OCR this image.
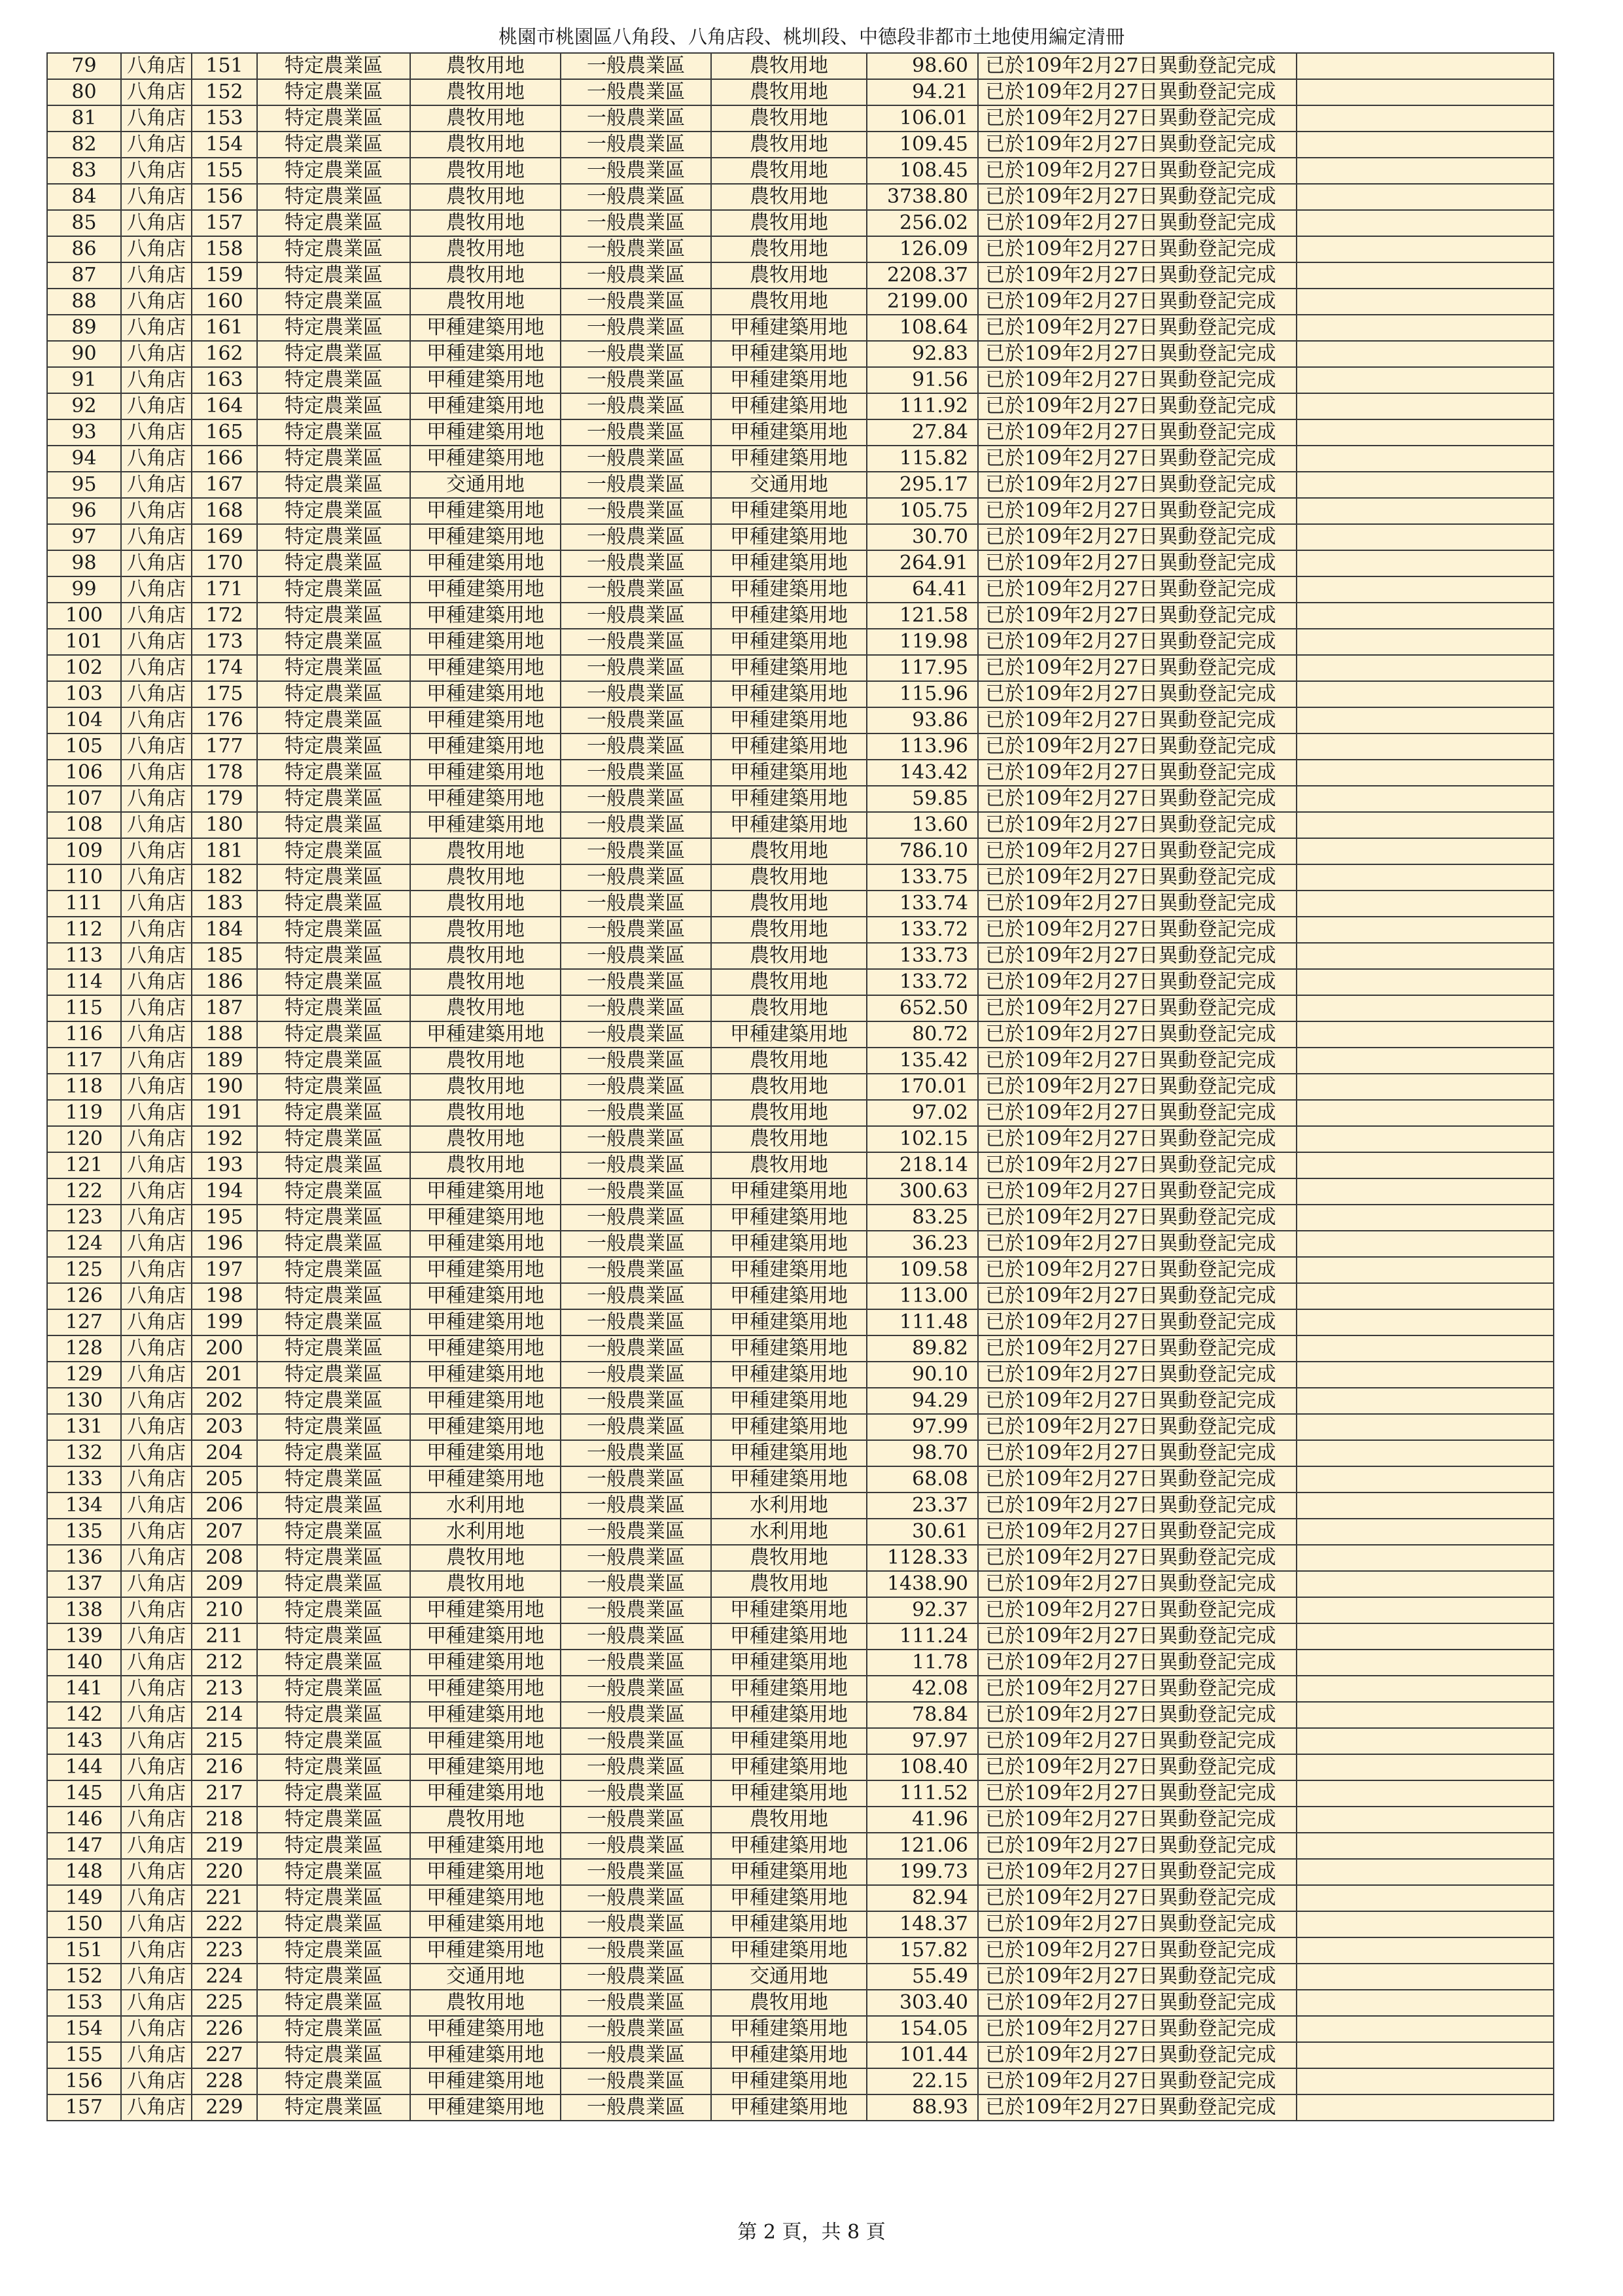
桃園市桃園區八角段、八角店段、桃圳段、中德段非都市土地使用編定清冊
79	八角店	151	特定農業區	農牧用地	一般農業區	農牧用地	98.60	已於109年2月27日異動登記完成	
80	八角店	152	特定農業區	農牧用地	一般農業區	農牧用地	94.21	已於109年2月27日異動登記完成	
81	八角店	153	特定農業區	農牧用地	一般農業區	農牧用地	106.01	已於109年2月27日異動登記完成	
82	八角店	154	特定農業區	農牧用地	一般農業區	農牧用地	109.45	已於109年2月27日異動登記完成	
83	八角店	155	特定農業區	農牧用地	一般農業區	農牧用地	108.45	已於109年2月27日異動登記完成	
84	八角店	156	特定農業區	農牧用地	一般農業區	農牧用地	3738.80	已於109年2月27日異動登記完成	
85	八角店	157	特定農業區	農牧用地	一般農業區	農牧用地	256.02	已於109年2月27日異動登記完成	
86	八角店	158	特定農業區	農牧用地	一般農業區	農牧用地	126.09	已於109年2月27日異動登記完成	
87	八角店	159	特定農業區	農牧用地	一般農業區	農牧用地	2208.37	已於109年2月27日異動登記完成	
88	八角店	160	特定農業區	農牧用地	一般農業區	農牧用地	2199.00	已於109年2月27日異動登記完成	
89	八角店	161	特定農業區	甲種建築用地	一般農業區	甲種建築用地	108.64	已於109年2月27日異動登記完成	
90	八角店	162	特定農業區	甲種建築用地	一般農業區	甲種建築用地	92.83	已於109年2月27日異動登記完成	
91	八角店	163	特定農業區	甲種建築用地	一般農業區	甲種建築用地	91.56	已於109年2月27日異動登記完成	
92	八角店	164	特定農業區	甲種建築用地	一般農業區	甲種建築用地	111.92	已於109年2月27日異動登記完成	
93	八角店	165	特定農業區	甲種建築用地	一般農業區	甲種建築用地	27.84	已於109年2月27日異動登記完成	
94	八角店	166	特定農業區	甲種建築用地	一般農業區	甲種建築用地	115.82	已於109年2月27日異動登記完成	
95	八角店	167	特定農業區	交通用地	一般農業區	交通用地	295.17	已於109年2月27日異動登記完成	
96	八角店	168	特定農業區	甲種建築用地	一般農業區	甲種建築用地	105.75	已於109年2月27日異動登記完成	
97	八角店	169	特定農業區	甲種建築用地	一般農業區	甲種建築用地	30.70	已於109年2月27日異動登記完成	
98	八角店	170	特定農業區	甲種建築用地	一般農業區	甲種建築用地	264.91	已於109年2月27日異動登記完成	
99	八角店	171	特定農業區	甲種建築用地	一般農業區	甲種建築用地	64.41	已於109年2月27日異動登記完成	
100	八角店	172	特定農業區	甲種建築用地	一般農業區	甲種建築用地	121.58	已於109年2月27日異動登記完成	
101	八角店	173	特定農業區	甲種建築用地	一般農業區	甲種建築用地	119.98	已於109年2月27日異動登記完成	
102	八角店	174	特定農業區	甲種建築用地	一般農業區	甲種建築用地	117.95	已於109年2月27日異動登記完成	
103	八角店	175	特定農業區	甲種建築用地	一般農業區	甲種建築用地	115.96	已於109年2月27日異動登記完成	
104	八角店	176	特定農業區	甲種建築用地	一般農業區	甲種建築用地	93.86	已於109年2月27日異動登記完成	
105	八角店	177	特定農業區	甲種建築用地	一般農業區	甲種建築用地	113.96	已於109年2月27日異動登記完成	
106	八角店	178	特定農業區	甲種建築用地	一般農業區	甲種建築用地	143.42	已於109年2月27日異動登記完成	
107	八角店	179	特定農業區	甲種建築用地	一般農業區	甲種建築用地	59.85	已於109年2月27日異動登記完成	
108	八角店	180	特定農業區	甲種建築用地	一般農業區	甲種建築用地	13.60	已於109年2月27日異動登記完成	
109	八角店	181	特定農業區	農牧用地	一般農業區	農牧用地	786.10	已於109年2月27日異動登記完成	
110	八角店	182	特定農業區	農牧用地	一般農業區	農牧用地	133.75	已於109年2月27日異動登記完成	
111	八角店	183	特定農業區	農牧用地	一般農業區	農牧用地	133.74	已於109年2月27日異動登記完成	
112	八角店	184	特定農業區	農牧用地	一般農業區	農牧用地	133.72	已於109年2月27日異動登記完成	
113	八角店	185	特定農業區	農牧用地	一般農業區	農牧用地	133.73	已於109年2月27日異動登記完成	
114	八角店	186	特定農業區	農牧用地	一般農業區	農牧用地	133.72	已於109年2月27日異動登記完成	
115	八角店	187	特定農業區	農牧用地	一般農業區	農牧用地	652.50	已於109年2月27日異動登記完成	
116	八角店	188	特定農業區	甲種建築用地	一般農業區	甲種建築用地	80.72	已於109年2月27日異動登記完成	
117	八角店	189	特定農業區	農牧用地	一般農業區	農牧用地	135.42	已於109年2月27日異動登記完成	
118	八角店	190	特定農業區	農牧用地	一般農業區	農牧用地	170.01	已於109年2月27日異動登記完成	
119	八角店	191	特定農業區	農牧用地	一般農業區	農牧用地	97.02	已於109年2月27日異動登記完成	
120	八角店	192	特定農業區	農牧用地	一般農業區	農牧用地	102.15	已於109年2月27日異動登記完成	
121	八角店	193	特定農業區	農牧用地	一般農業區	農牧用地	218.14	已於109年2月27日異動登記完成	
122	八角店	194	特定農業區	甲種建築用地	一般農業區	甲種建築用地	300.63	已於109年2月27日異動登記完成	
123	八角店	195	特定農業區	甲種建築用地	一般農業區	甲種建築用地	83.25	已於109年2月27日異動登記完成	
124	八角店	196	特定農業區	甲種建築用地	一般農業區	甲種建築用地	36.23	已於109年2月27日異動登記完成	
125	八角店	197	特定農業區	甲種建築用地	一般農業區	甲種建築用地	109.58	已於109年2月27日異動登記完成	
126	八角店	198	特定農業區	甲種建築用地	一般農業區	甲種建築用地	113.00	已於109年2月27日異動登記完成	
127	八角店	199	特定農業區	甲種建築用地	一般農業區	甲種建築用地	111.48	已於109年2月27日異動登記完成	
128	八角店	200	特定農業區	甲種建築用地	一般農業區	甲種建築用地	89.82	已於109年2月27日異動登記完成	
129	八角店	201	特定農業區	甲種建築用地	一般農業區	甲種建築用地	90.10	已於109年2月27日異動登記完成	
130	八角店	202	特定農業區	甲種建築用地	一般農業區	甲種建築用地	94.29	已於109年2月27日異動登記完成	
131	八角店	203	特定農業區	甲種建築用地	一般農業區	甲種建築用地	97.99	已於109年2月27日異動登記完成	
132	八角店	204	特定農業區	甲種建築用地	一般農業區	甲種建築用地	98.70	已於109年2月27日異動登記完成	
133	八角店	205	特定農業區	甲種建築用地	一般農業區	甲種建築用地	68.08	已於109年2月27日異動登記完成	
134	八角店	206	特定農業區	水利用地	一般農業區	水利用地	23.37	已於109年2月27日異動登記完成	
135	八角店	207	特定農業區	水利用地	一般農業區	水利用地	30.61	已於109年2月27日異動登記完成	
136	八角店	208	特定農業區	農牧用地	一般農業區	農牧用地	1128.33	已於109年2月27日異動登記完成	
137	八角店	209	特定農業區	農牧用地	一般農業區	農牧用地	1438.90	已於109年2月27日異動登記完成	
138	八角店	210	特定農業區	甲種建築用地	一般農業區	甲種建築用地	92.37	已於109年2月27日異動登記完成	
139	八角店	211	特定農業區	甲種建築用地	一般農業區	甲種建築用地	111.24	已於109年2月27日異動登記完成	
140	八角店	212	特定農業區	甲種建築用地	一般農業區	甲種建築用地	11.78	已於109年2月27日異動登記完成	
141	八角店	213	特定農業區	甲種建築用地	一般農業區	甲種建築用地	42.08	已於109年2月27日異動登記完成	
142	八角店	214	特定農業區	甲種建築用地	一般農業區	甲種建築用地	78.84	已於109年2月27日異動登記完成	
143	八角店	215	特定農業區	甲種建築用地	一般農業區	甲種建築用地	97.97	已於109年2月27日異動登記完成	
144	八角店	216	特定農業區	甲種建築用地	一般農業區	甲種建築用地	108.40	已於109年2月27日異動登記完成	
145	八角店	217	特定農業區	甲種建築用地	一般農業區	甲種建築用地	111.52	已於109年2月27日異動登記完成	
146	八角店	218	特定農業區	農牧用地	一般農業區	農牧用地	41.96	已於109年2月27日異動登記完成	
147	八角店	219	特定農業區	甲種建築用地	一般農業區	甲種建築用地	121.06	已於109年2月27日異動登記完成	
148	八角店	220	特定農業區	甲種建築用地	一般農業區	甲種建築用地	199.73	已於109年2月27日異動登記完成	
149	八角店	221	特定農業區	甲種建築用地	一般農業區	甲種建築用地	82.94	已於109年2月27日異動登記完成	
150	八角店	222	特定農業區	甲種建築用地	一般農業區	甲種建築用地	148.37	已於109年2月27日異動登記完成	
151	八角店	223	特定農業區	甲種建築用地	一般農業區	甲種建築用地	157.82	已於109年2月27日異動登記完成	
152	八角店	224	特定農業區	交通用地	一般農業區	交通用地	55.49	已於109年2月27日異動登記完成	
153	八角店	225	特定農業區	農牧用地	一般農業區	農牧用地	303.40	已於109年2月27日異動登記完成	
154	八角店	226	特定農業區	甲種建築用地	一般農業區	甲種建築用地	154.05	已於109年2月27日異動登記完成	
155	八角店	227	特定農業區	甲種建築用地	一般農業區	甲種建築用地	101.44	已於109年2月27日異動登記完成	
156	八角店	228	特定農業區	甲種建築用地	一般農業區	甲種建築用地	22.15	已於109年2月27日異動登記完成	
157	八角店	229	特定農業區	甲種建築用地	一般農業區	甲種建築用地	88.93	已於109年2月27日異動登記完成	
第 2 頁，共 8 頁
